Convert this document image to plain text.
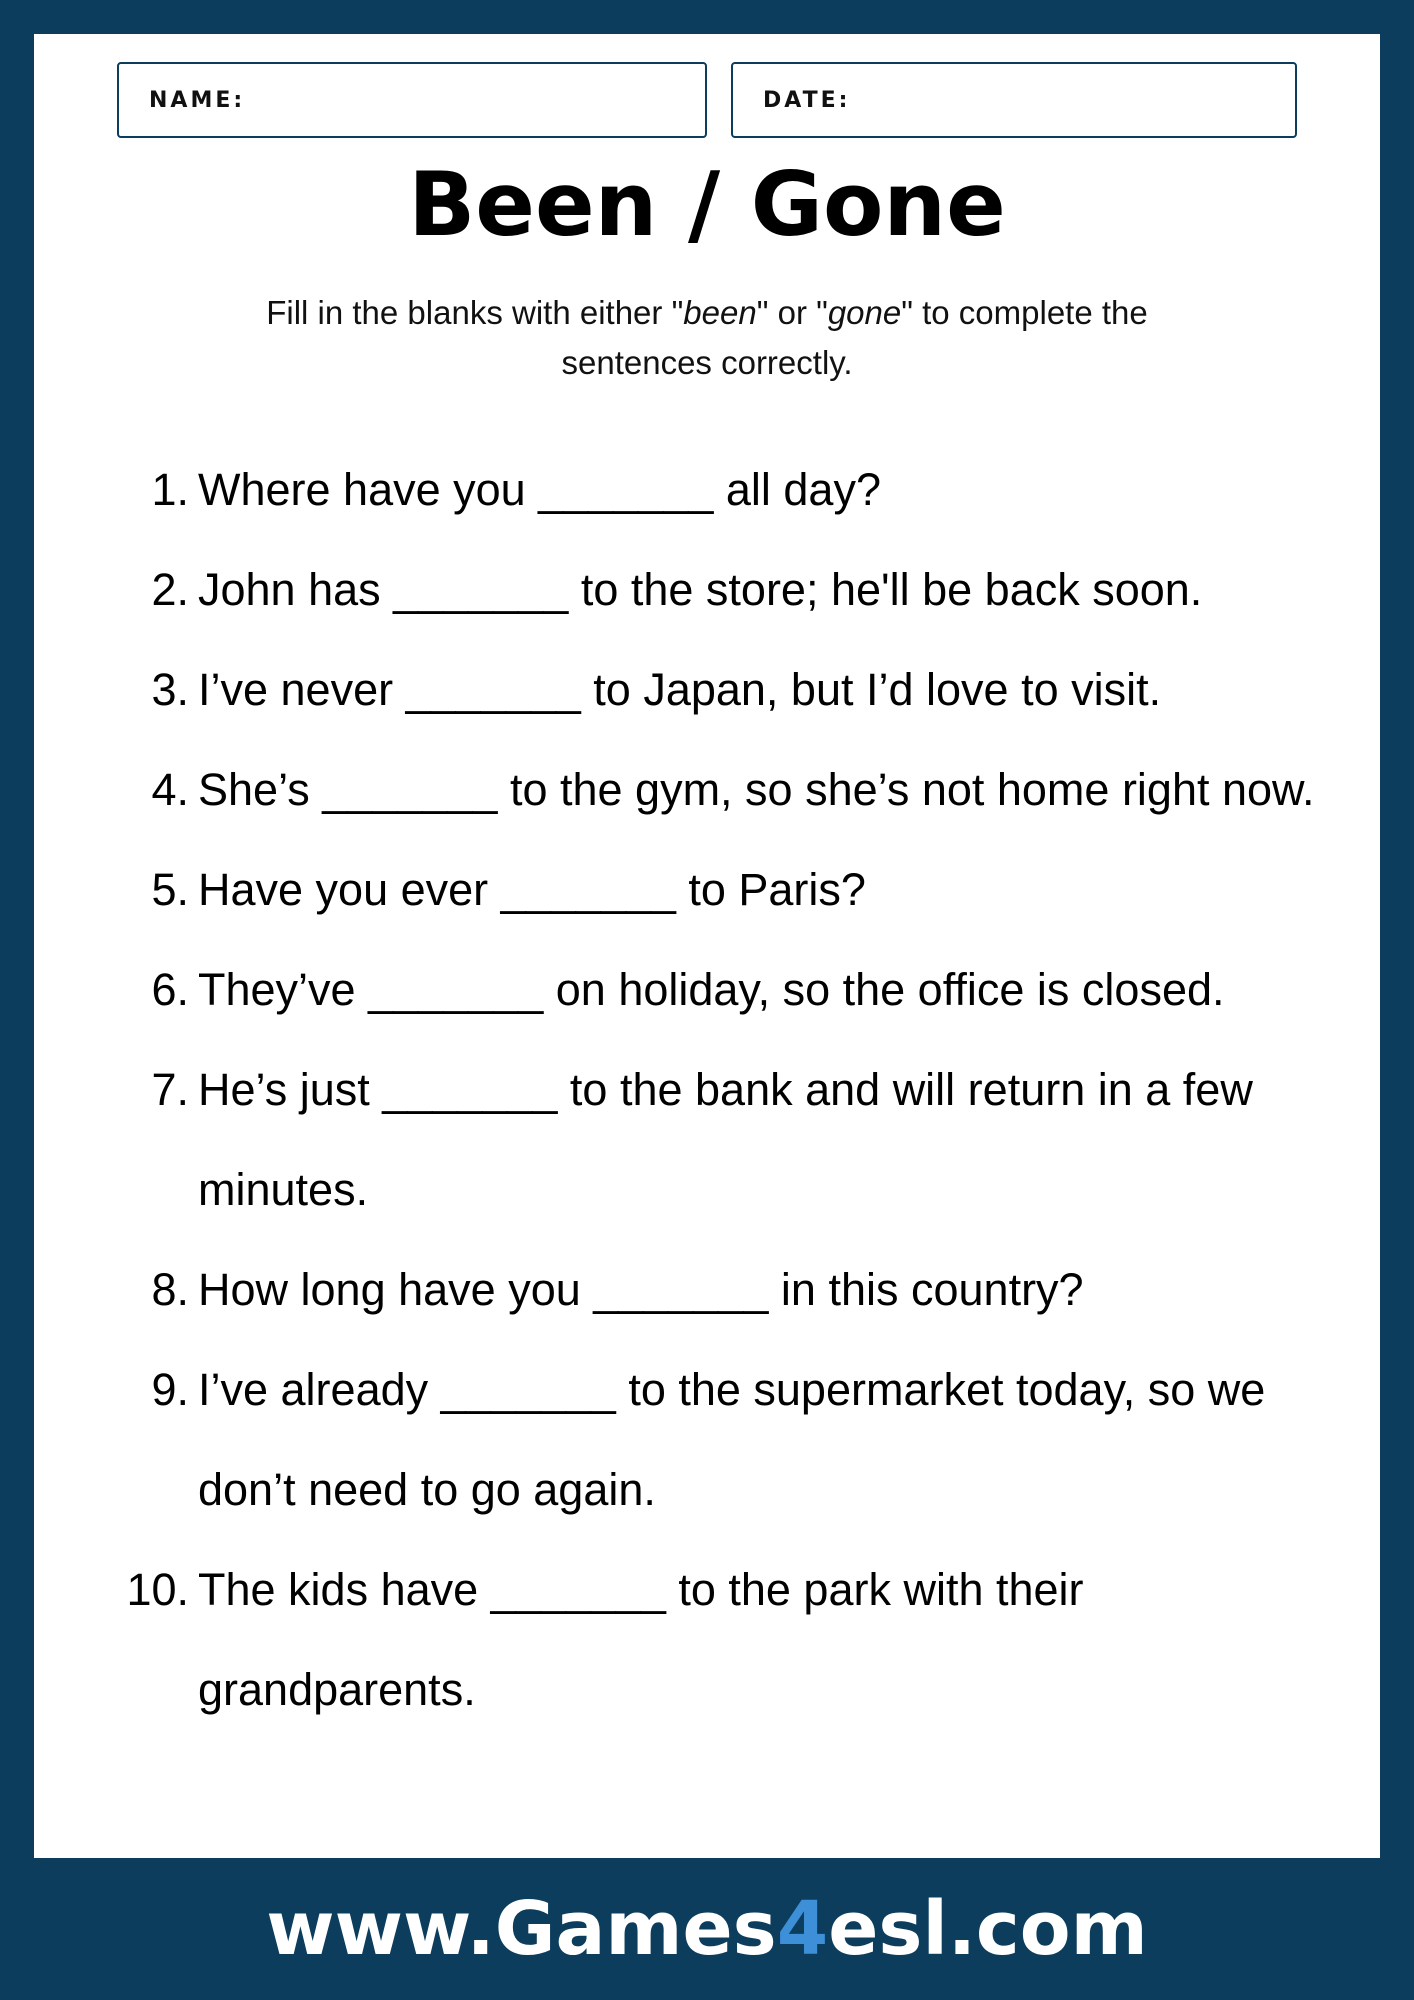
NAME:	DATE:
Been / Gone
Fill in the blanks with either "been" or "gone" to complete the sentences correctly.
1. Where have you _______ all day?
2. John has _______ to the store; he'll be back soon.
3. I’ve never _______ to Japan, but I’d love to visit.
4. She’s _______ to the gym, so she’s not home right now.
5. Have you ever _______ to Paris?
6. They’ve _______ on holiday, so the office is closed.
7. He’s just _______ to the bank and will return in a few minutes.
8. How long have you _______ in this country?
9. I’ve already _______ to the supermarket today, so we don’t need to go again.
10. The kids have _______ to the park with their grandparents.
www.Games 4 esl.com
